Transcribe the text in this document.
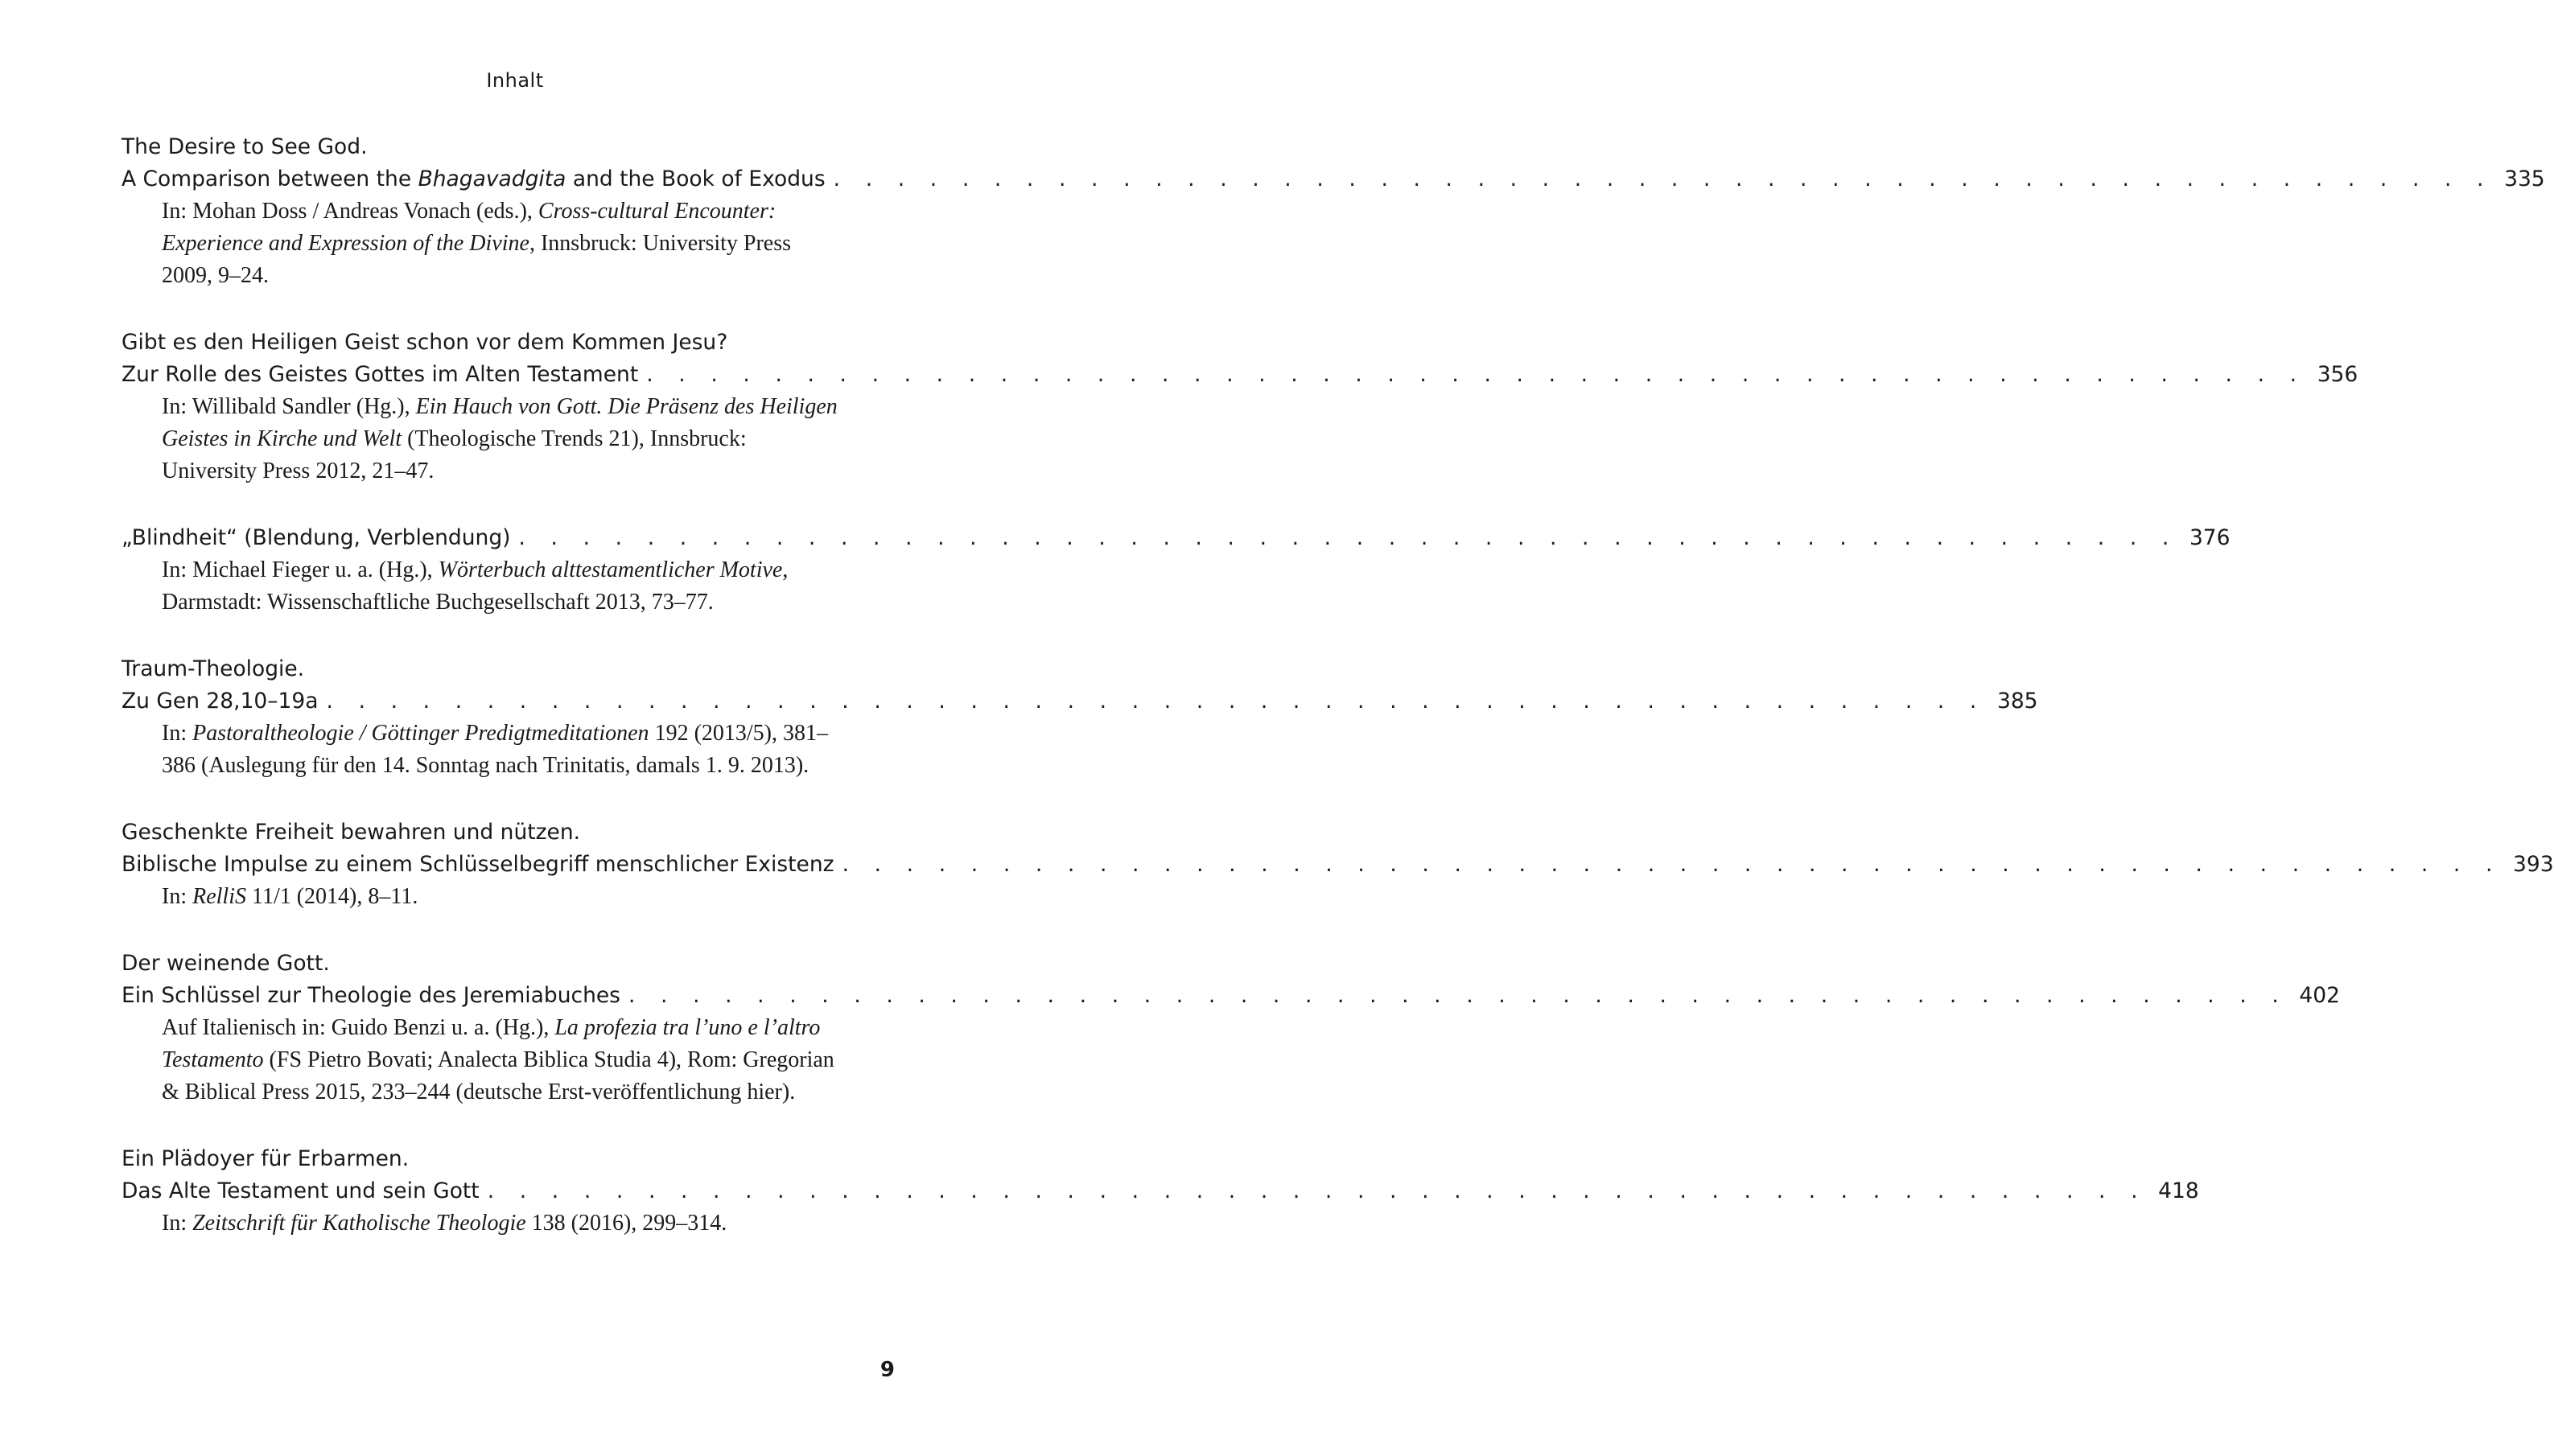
Inhalt
The Desire to See God.
A Comparison between the Bhagavadgita and the Book of Exodus . . . . . . . . . . . . . . . . . . . . . . . . . . . . . . . . . . . . . . . . . . . . . . . . . . . . 335
In: Mohan Doss / Andreas Vonach (eds.), Cross-cultural Encounter: Experience and Expression of the Divine, Innsbruck: University Press 2009, 9–24.
Gibt es den Heiligen Geist schon vor dem Kommen Jesu?
Zur Rolle des Geistes Gottes im Alten Testament . . . . . . . . . . . . . . . . . . . . . . . . . . . . . . . . . . . . . . . . . . . . . . . . . . . . 356
In: Willibald Sandler (Hg.), Ein Hauch von Gott. Die Präsenz des Heiligen Geistes in Kirche und Welt (Theologische Trends 21), Innsbruck: University Press 2012, 21–47.
„Blindheit“ (Blendung, Verblendung) . . . . . . . . . . . . . . . . . . . . . . . . . . . . . . . . . . . . . . . . . . . . . . . . . . . . 376
In: Michael Fieger u. a. (Hg.), Wörterbuch alttestamentlicher Motive, Darmstadt: Wissenschaftliche Buchgesellschaft 2013, 73–77.
Traum-Theologie.
Zu Gen 28,10–19a . . . . . . . . . . . . . . . . . . . . . . . . . . . . . . . . . . . . . . . . . . . . . . . . . . . . 385
In: Pastoraltheologie / Göttinger Predigtmeditationen 192 (2013/5), 381–386 (Auslegung für den 14. Sonntag nach Trinitatis, damals 1. 9. 2013).
Geschenkte Freiheit bewahren und nützen.
Biblische Impulse zu einem Schlüsselbegriff menschlicher Existenz . . . . . . . . . . . . . . . . . . . . . . . . . . . . . . . . . . . . . . . . . . . . . . . . . . . . 393
In: RelliS 11/1 (2014), 8–11.
Der weinende Gott.
Ein Schlüssel zur Theologie des Jeremiabuches . . . . . . . . . . . . . . . . . . . . . . . . . . . . . . . . . . . . . . . . . . . . . . . . . . . . 402
Auf Italienisch in: Guido Benzi u. a. (Hg.), La profezia tra l’uno e l’altro Testamento (FS Pietro Bovati; Analecta Biblica Studia 4), Rom: Gregorian & Biblical Press 2015, 233–244 (deutsche Erst-veröffentlichung hier).
Ein Plädoyer für Erbarmen.
Das Alte Testament und sein Gott . . . . . . . . . . . . . . . . . . . . . . . . . . . . . . . . . . . . . . . . . . . . . . . . . . . . 418
In: Zeitschrift für Katholische Theologie 138 (2016), 299–314.
9
